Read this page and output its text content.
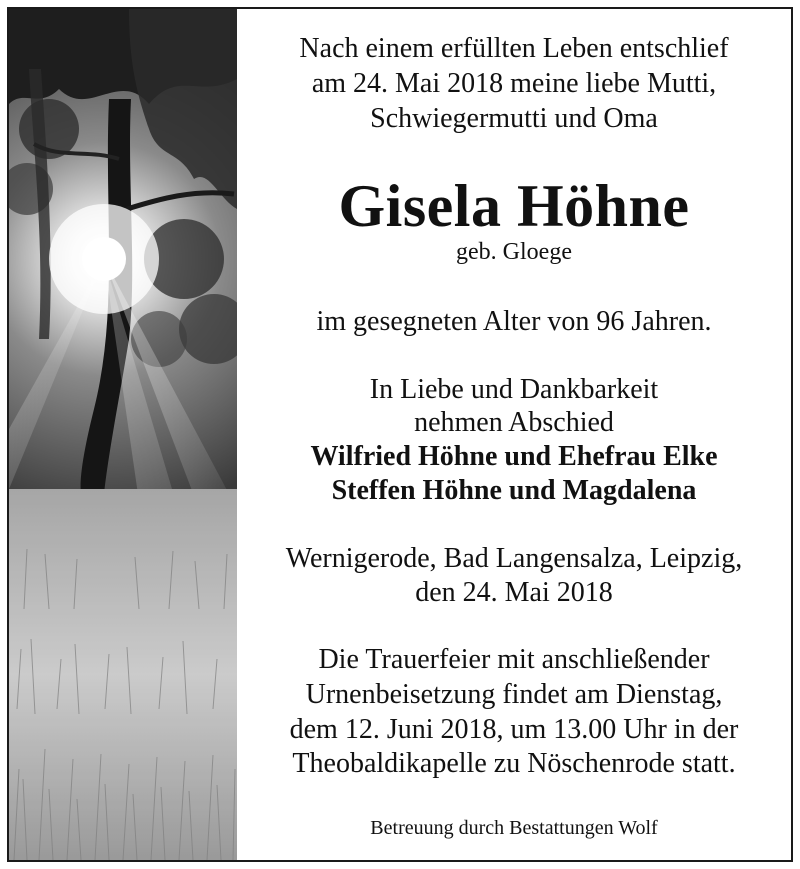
Nach einem erfüllten Leben entschlief
am 24. Mai 2018 meine liebe Mutti,
Schwiegermutti und Oma
Gisela Höhne
geb. Gloege
im gesegneten Alter von 96 Jahren.
In Liebe und Dankbarkeit
nehmen Abschied
Wilfried Höhne und Ehefrau Elke
Steffen Höhne und Magdalena
Wernigerode, Bad Langensalza, Leipzig,
den 24. Mai 2018
Die Trauerfeier mit anschließender
Urnenbeisetzung findet am Dienstag,
dem 12. Juni 2018, um 13.00 Uhr in der
Theobaldikapelle zu Nöschenrode statt.
Betreuung durch Bestattungen Wolf
